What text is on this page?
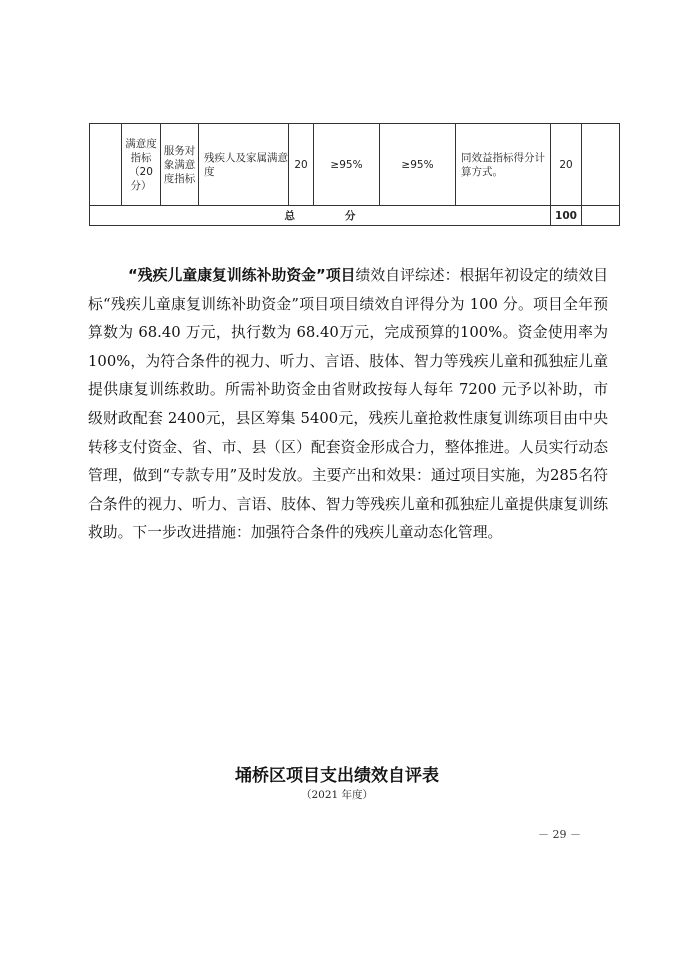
	满意度指标（20分）	服务对象满意度指标	残疾人及家属满意度	20	≥95%	≥95%	同效益指标得分计算方式。	20	
总 分								100	

“残疾儿童康复训练补助资金”项目绩效自评综述：根据年初设定的绩效目标“残疾儿童康复训练补助资金”项目项目绩效自评得分为 100 分。项目全年预算数为 68.40 万元，执行数为 68.40万元，完成预算的100%。资金使用率为100%，为符合条件的视力、听力、言语、肢体、智力等残疾儿童和孤独症儿童提供康复训练救助。所需补助资金由省财政按每人每年 7200 元予以补助，市级财政配套 2400元，县区筹集 5400元，残疾儿童抢救性康复训练项目由中央转移支付资金、省、市、县（区）配套资金形成合力，整体推进。人员实行动态管理，做到“专款专用”及时发放。主要产出和效果：通过项目实施，为285名符合条件的视力、听力、言语、肢体、智力等残疾儿童和孤独症儿童提供康复训练救助。下一步改进措施：加强符合条件的残疾儿童动态化管理。

埇桥区项目支出绩效自评表
（2021 年度）
－ 29 －
